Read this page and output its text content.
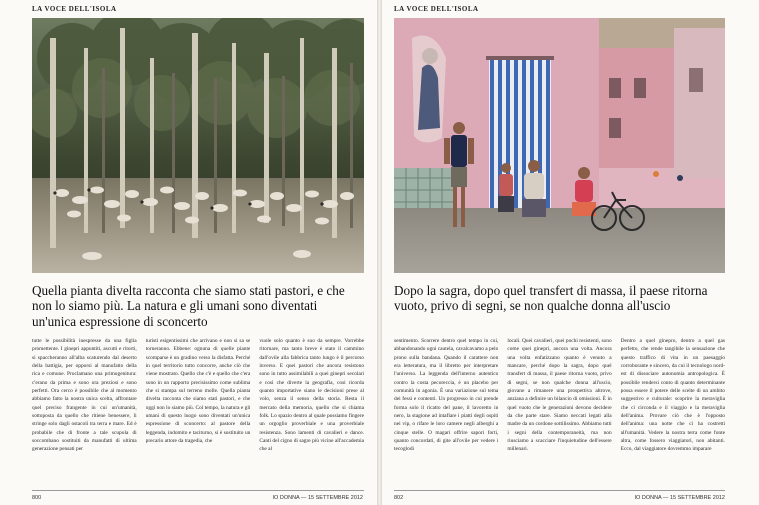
LA VOCE DELL'ISOLA
Quella pianta divelta racconta che siamo stati pastori, e che non lo siamo più. La natura e gli umani sono diventati un'unica espressione di sconcerto
tutte le possibilità inespresse da una figlia promettente. I ginepri appuntiti, ascutti e ritorti, si spaccheranno all'alba scaturendo dal deserto della battigia, per opporsi al manufatto della rica e comune. Proclamano una primogenitura: c'erano da prima e sono ora preziosi e sono perfetti. Ora cerco è possibile che al momento abbiamo fatto la nostra unica scelta, affrontare quel preciso frangente in cui un'umanità, sottoposta da quello che ritiene benessere, li stringe solo dagli ostacoli tra terra e mare. Ed è probabile che di fronte a tale scupola di soccombano sostituiti da manufatti di ultima generazione pensati per
turisti esigentissimi che arrivano e non si sa se torneranno. Ebbene: ognuna di quelle piante scomparse è un gradino verso la disfatta. Perché in quel territorio tutto concorre, anche ciò che viene mostrato. Quello che c'è e quello che c'era sono in un rapporto precisissimo come sublima che si stampa sul terreno molle. Quella pianta divelta racconta che siamo stati pastori, e che oggi non lo siamo più. Col tempo, la natura e gli umani di questo luogo sono diventati un'unica espressione di sconcerto: al pastore della leggenda, indomito e taciturno, si è sostituito un precario attore da tragedia, che
vuole solo quanto è suo da sempre. Vorrebbe ritornare, ma tanto breve è stato il cammino dall'ovile alla fabbrica tanto lungo è il percorso inverso. E quei pastori che ancora resistono sono in tutto assimilabili a quei ginepri secolari e così che diverte la geografia, cosi ricorda quanto importative siano le decisioni prese al volo, senza il senso della storia. Resta il mercato della memoria, quello che si chiama folk. Lo spazio dentro al quale possiamo fingere un orgoglio proverbiale e una proverbiale resistenza. Sono lamenti di cavalieri e dance. Canti del cigno di sagre più vicine all'accademia che al
800	IO DONNA — 15 SETTEMBRE 2012
LA VOCE DELL'ISOLA
Dopo la sagra, dopo quel transfert di massa, il paese ritorna vuoto, privo di segni, se non qualche donna all'uscio
sentimento. Scorrere dentro quel tempo in cui, abbandonando ogni cautela, cavalcavamo a pelo prono sulla bandana. Quando il carattere non era letteratura, ma il libretto per interpretare l'universo. La leggenda dell'interno autentico contro la costa pecoreccia, è un placebo per comunità in agonia. È una variazione sul tema dei fessi e contenti. Un progresso in cui prende forma solo il ricatto del pane, il lavoretto in nero, la stagione ad intaflare i piatti degli ospiti nei vip, o rifare le loro camere negli alberghi a cinque stelle. O magari offrire sapori forti, quanto concordati, di gite all'ovile per vedere i tecoglodi
locali. Quei cavalieri, quei pochi resistenti, sono come quei ginepri, ancora una volta. Ancora una volta enfatizzano quanto è venuto a mancare, perché dopo la sagra, dopo quel transfert di massa, il paese ritorna vuoto, privo di segni, se non qualche donna all'uscio, giovane a rimanere una prospettiva altrove, anziana a definire un bilancio di omissioni. È in quel vuoto che le generazioni devono decidere da che parte stare. Siamo neccati legati alla madre da un cordone sottilissimo. Abbiamo tutti i segni della contemporaneità, ma non riusciamo a scacciare l'inquietudine dell'essere millenari.
Dentro a quel ginepro, dentro a quel gas perfetto, che rende tangibile la sensazione che questo traffico di vita in un paesaggio corroborante e sincero, da cui il tecnologo nord-est di dissociare autonomia antropologica. È possibile rendersi conto di quanto determinante possa essere il potere delle scelte di un ambito suggestivo e culturale: scoprire la meraviglia che ci circonda e il viaggio e la meraviglia dell'anima. Provare ciò che è l'opposto dell'anima: una notte che ci ha costretti all'umanità. Vedere la nostra terra come fonte altra, come fossero viaggiatori, non abitanti. Ecco, dal viaggiatore dovremmo imparare
802	IO DONNA — 15 SETTEMBRE 2012
